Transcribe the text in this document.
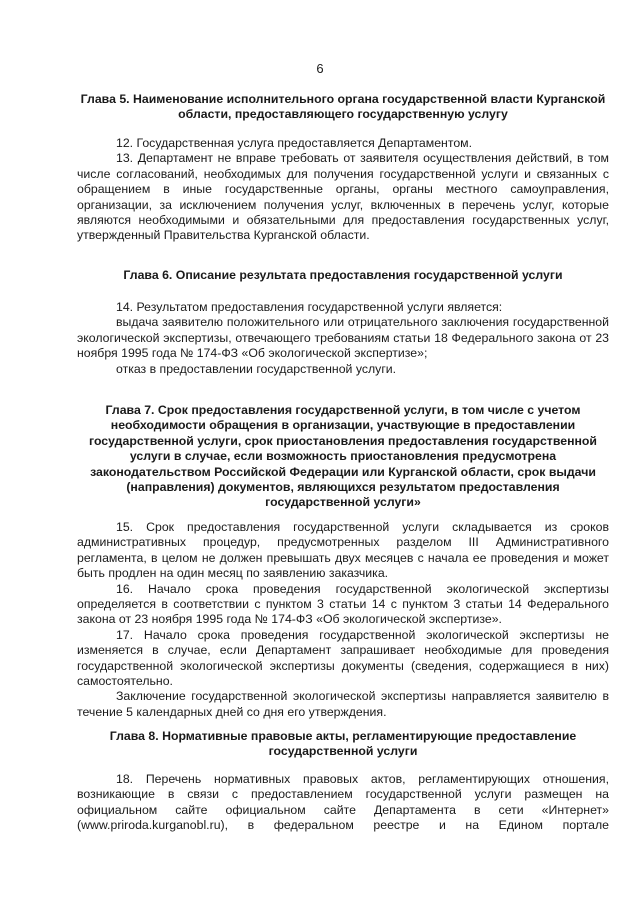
6
Глава 5. Наименование исполнительного органа государственной власти Курганской области, предоставляющего государственную услугу

12. Государственная услуга предоставляется Департаментом.

13. Департамент не вправе требовать от заявителя осуществления действий, в том числе согласований, необходимых для получения государственной услуги и связанных с обращением в иные государственные органы, органы местного самоуправления, организации, за исключением получения услуг, включенных в перечень услуг, которые являются необходимыми и обязательными для предоставления государственных услуг, утвержденный Правительства Курганской области.

Глава 6. Описание результата предоставления государственной услуги

14. Результатом предоставления государственной услуги является:

выдача заявителю положительного или отрицательного заключения государственной экологической экспертизы, отвечающего требованиям статьи 18 Федерального закона от 23 ноября 1995 года № 174-ФЗ «Об экологической экспертизе»;

отказ в предоставлении государственной услуги.

Глава 7. Срок предоставления государственной услуги, в том числе с учетом необходимости обращения в организации, участвующие в предоставлении государственной услуги, срок приостановления предоставления государственной услуги в случае, если возможность приостановления предусмотрена законодательством Российской Федерации или Курганской области, срок выдачи (направления) документов, являющихся результатом предоставления государственной услуги»

15. Срок предоставления государственной услуги складывается из сроков административных процедур, предусмотренных разделом III Административного регламента, в целом не должен превышать двух месяцев с начала ее проведения и может быть продлен на один месяц по заявлению заказчика.

16. Начало срока проведения государственной экологической экспертизы определяется в соответствии с пунктом 3 статьи 14 с пунктом 3 статьи 14 Федерального закона от 23 ноября 1995 года № 174-ФЗ «Об экологической экспертизе».

17. Начало срока проведения государственной экологической экспертизы не изменяется в случае, если Департамент запрашивает необходимые для проведения государственной экологической экспертизы документы (сведения, содержащиеся в них) самостоятельно.

Заключение государственной экологической экспертизы направляется заявителю в течение 5 календарных дней со дня его утверждения.

Глава 8. Нормативные правовые акты, регламентирующие предоставление государственной услуги

18. Перечень нормативных правовых актов, регламентирующих отношения, возникающие в связи с предоставлением государственной услуги размещен на официальном сайте официальном сайте Департамента в сети «Интернет» (www.priroda.kurganobl.ru), в федеральном реестре и на Едином портале
